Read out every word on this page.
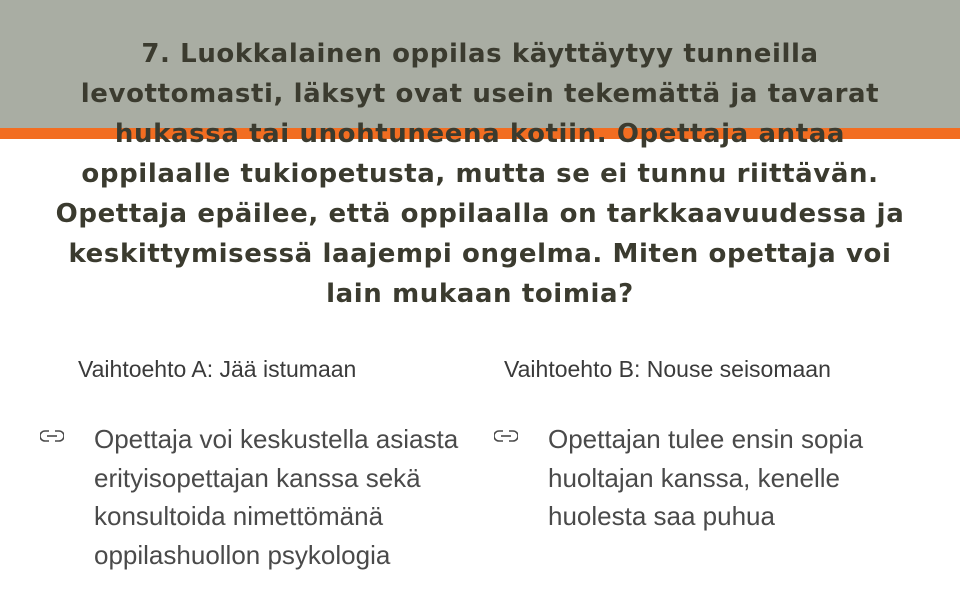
7. Luokkalainen oppilas käyttäytyy tunneilla levottomasti, läksyt ovat usein tekemättä ja tavarat hukassa tai unohtuneena kotiin. Opettaja antaa oppilaalle tukiopetusta, mutta se ei tunnu riittävän. Opettaja epäilee, että oppilaalla on tarkkaavuudessa ja keskittymisessä laajempi ongelma. Miten opettaja voi lain mukaan toimia?
Vaihtoehto A: Jää istumaan	Vaihtoehto B: Nouse seisomaan
Opettaja voi keskustella asiasta erityisopettajan kanssa sekä konsultoida nimettömänä oppilashuollon psykologia
Opettajan tulee ensin sopia huoltajan kanssa, kenelle huolesta saa puhua
